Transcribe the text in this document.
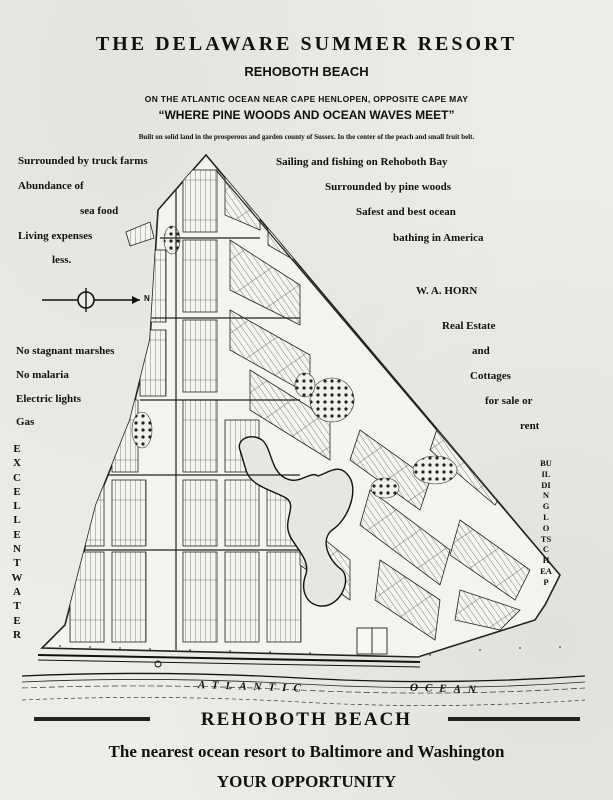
THE DELAWARE SUMMER RESORT
REHOBOTH BEACH
ON THE ATLANTIC OCEAN NEAR CAPE HENLOPEN, OPPOSITE CAPE MAY
“WHERE PINE WOODS AND OCEAN WAVES MEET”
Built on solid land in the prosperous and garden county of Sussex. In the center of the peach and small fruit belt.
N
ATLANTIC	OCEAN
Surrounded by truck farms
Abundance of
sea food
Living expenses
less.
No stagnant marshes
No malaria
Electric lights
Gas
EXCELLENT WATER
Sailing and fishing on Rehoboth Bay
Surrounded by pine woods
Safest and best ocean
bathing in America
W. A. HORN
Real Estate
and
Cottages
for sale or
rent
BUILDING LOTS CHEAP
REHOBOTH BEACH
The nearest ocean resort to Baltimore and Washington
YOUR OPPORTUNITY
